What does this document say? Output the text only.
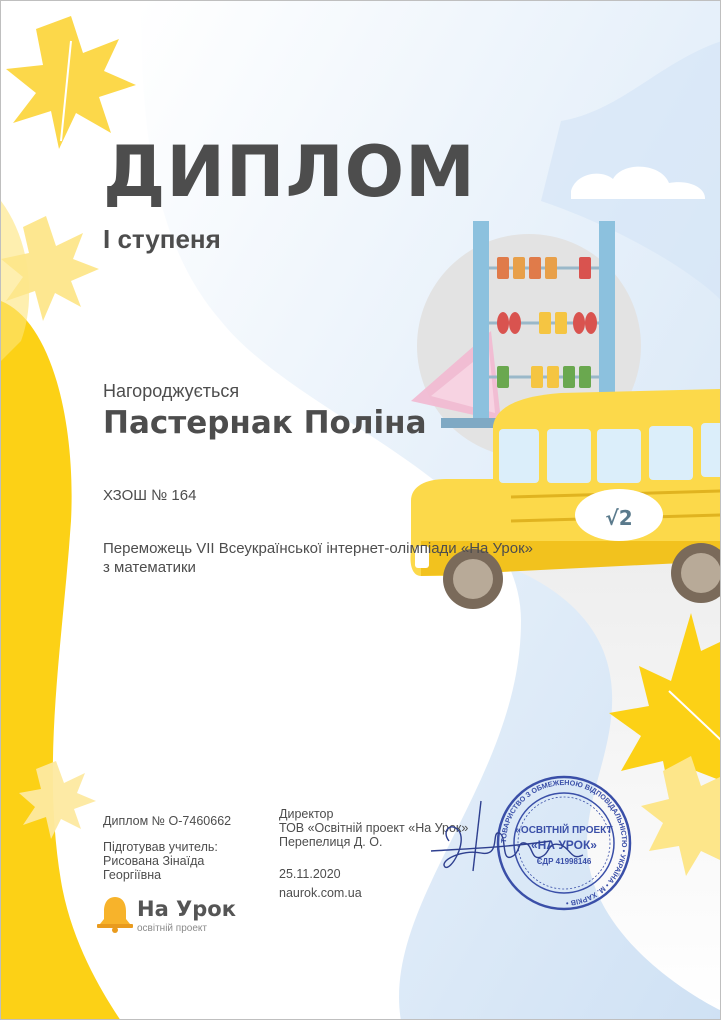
√2
ДИПЛОМ
І ступеня
Нагороджується
Пастернак Поліна
ХЗОШ № 164
Переможець VII Всеукраїнської інтернет-олімпіади «На Урок»
з математики
Диплом № O-7460662
Підготував учитель:
Рисована Зінаїда
Георгіївна
Директор
ТОВ «Освітній проект «На Урок»
Перепелиця Д. О.
25.11.2020
naurok.com.ua
ТОВАРИСТВО З ОБМЕЖЕНОЮ ВІДПОВІДАЛЬНІСТЮ • УКРАЇНА • М. ХАРКІВ •
«ОСВІТНІЙ ПРОЕКТ
«НА УРОК»
ЄДР 41998146
На Урок
освітній проект
